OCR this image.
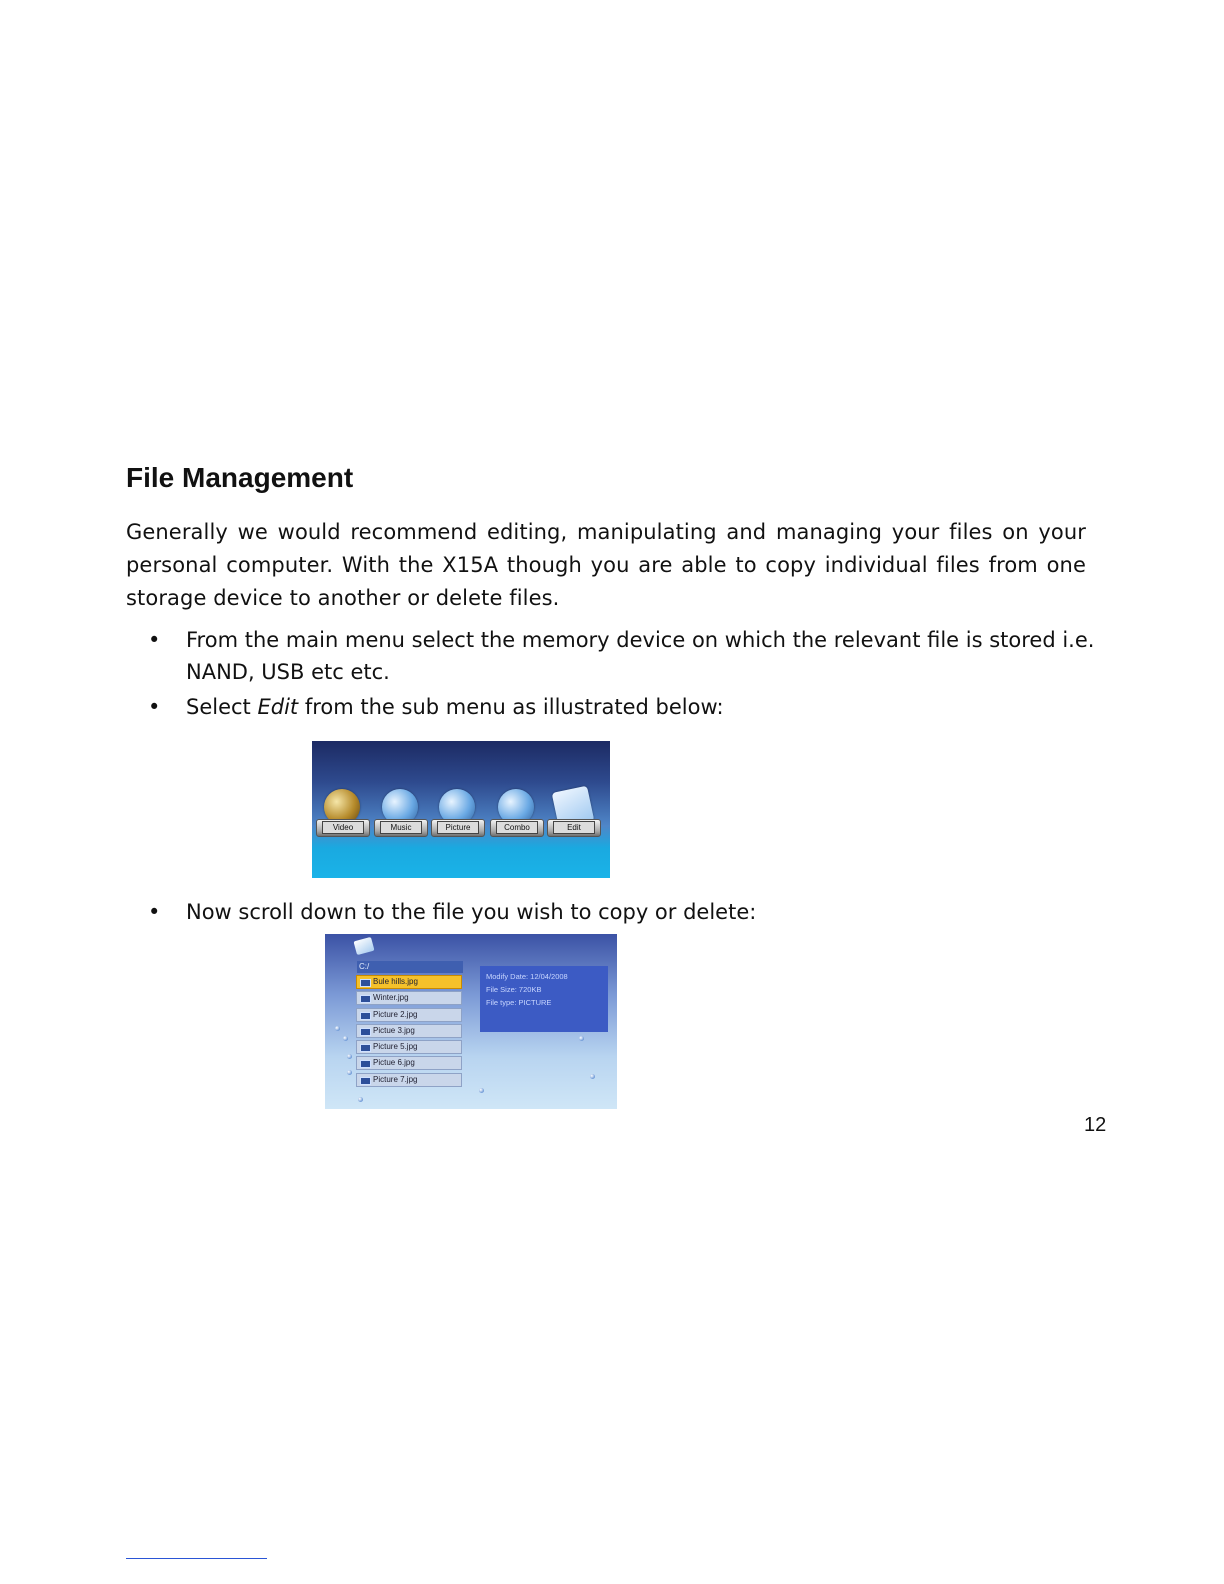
File Management
Generally we would recommend editing, manipulating and managing your files on your personal computer. With the X15A though you are able to copy individual files from one storage device to another or delete files.
• From the main menu select the memory device on which the relevant file is stored i.e. NAND, USB etc etc.
• Select Edit from the sub menu as illustrated below:
Video	Music	Picture	Combo	Edit
• Now scroll down to the file you wish to copy or delete:
C:/
Bule hills.jpg
Winter.jpg
Picture 2.jpg
Pictue 3.jpg
Picture 5.jpg
Pictue 6.jpg
Picture 7.jpg
Modify Date: 12/04/2008
File Size: 720KB
File type: PICTURE
12
